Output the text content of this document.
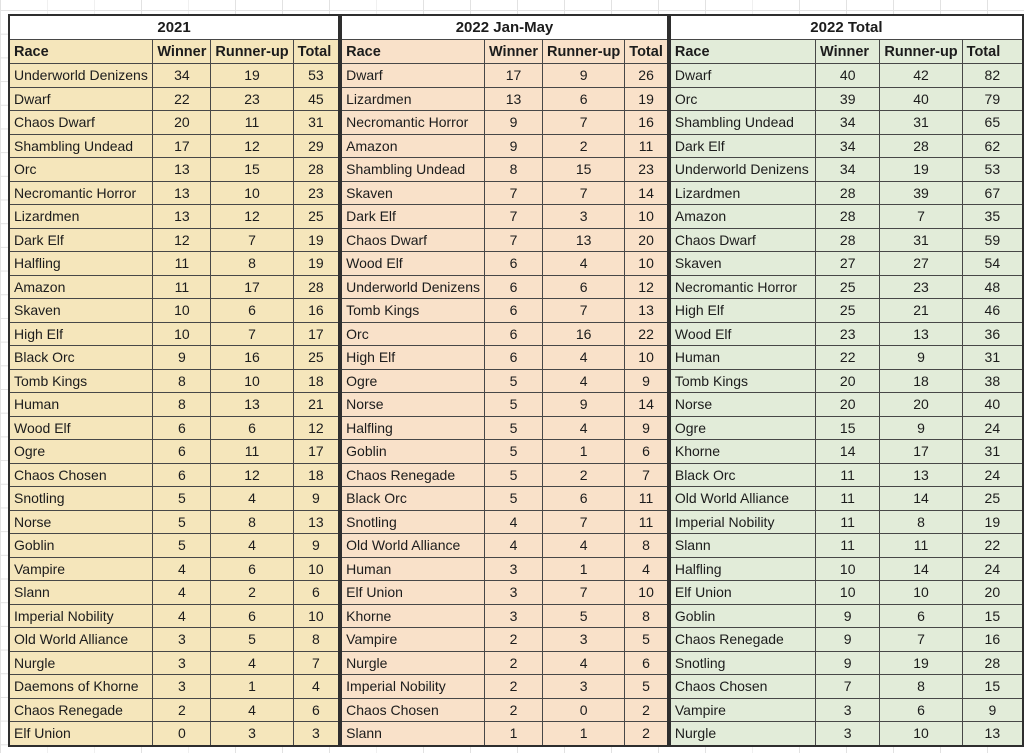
2021			
Race	Winner	Runner-up	Total
Underworld Denizens	34	19	53
Dwarf	22	23	45
Chaos Dwarf	20	11	31
Shambling Undead	17	12	29
Orc	13	15	28
Necromantic Horror	13	10	23
Lizardmen	13	12	25
Dark Elf	12	7	19
Halfling	11	8	19
Amazon	11	17	28
Skaven	10	6	16
High Elf	10	7	17
Black Orc	9	16	25
Tomb Kings	8	10	18
Human	8	13	21
Wood Elf	6	6	12
Ogre	6	11	17
Chaos Chosen	6	12	18
Snotling	5	4	9
Norse	5	8	13
Goblin	5	4	9
Vampire	4	6	10
Slann	4	2	6
Imperial Nobility	4	6	10
Old World Alliance	3	5	8
Nurgle	3	4	7
Daemons of Khorne	3	1	4
Chaos Renegade	2	4	6
Elf Union	0	3	3
2022 Jan-May			
Race	Winner	Runner-up	Total
Dwarf	17	9	26
Lizardmen	13	6	19
Necromantic Horror	9	7	16
Amazon	9	2	11
Shambling Undead	8	15	23
Skaven	7	7	14
Dark Elf	7	3	10
Chaos Dwarf	7	13	20
Wood Elf	6	4	10
Underworld Denizens	6	6	12
Tomb Kings	6	7	13
Orc	6	16	22
High Elf	6	4	10
Ogre	5	4	9
Norse	5	9	14
Halfling	5	4	9
Goblin	5	1	6
Chaos Renegade	5	2	7
Black Orc	5	6	11
Snotling	4	7	11
Old World Alliance	4	4	8
Human	3	1	4
Elf Union	3	7	10
Khorne	3	5	8
Vampire	2	3	5
Nurgle	2	4	6
Imperial Nobility	2	3	5
Chaos Chosen	2	0	2
Slann	1	1	2
2022 Total			
Race	Winner	Runner-up	Total
Dwarf	40	42	82
Orc	39	40	79
Shambling Undead	34	31	65
Dark Elf	34	28	62
Underworld Denizens	34	19	53
Lizardmen	28	39	67
Amazon	28	7	35
Chaos Dwarf	28	31	59
Skaven	27	27	54
Necromantic Horror	25	23	48
High Elf	25	21	46
Wood Elf	23	13	36
Human	22	9	31
Tomb Kings	20	18	38
Norse	20	20	40
Ogre	15	9	24
Khorne	14	17	31
Black Orc	11	13	24
Old World Alliance	11	14	25
Imperial Nobility	11	8	19
Slann	11	11	22
Halfling	10	14	24
Elf Union	10	10	20
Goblin	9	6	15
Chaos Renegade	9	7	16
Snotling	9	19	28
Chaos Chosen	7	8	15
Vampire	3	6	9
Nurgle	3	10	13
